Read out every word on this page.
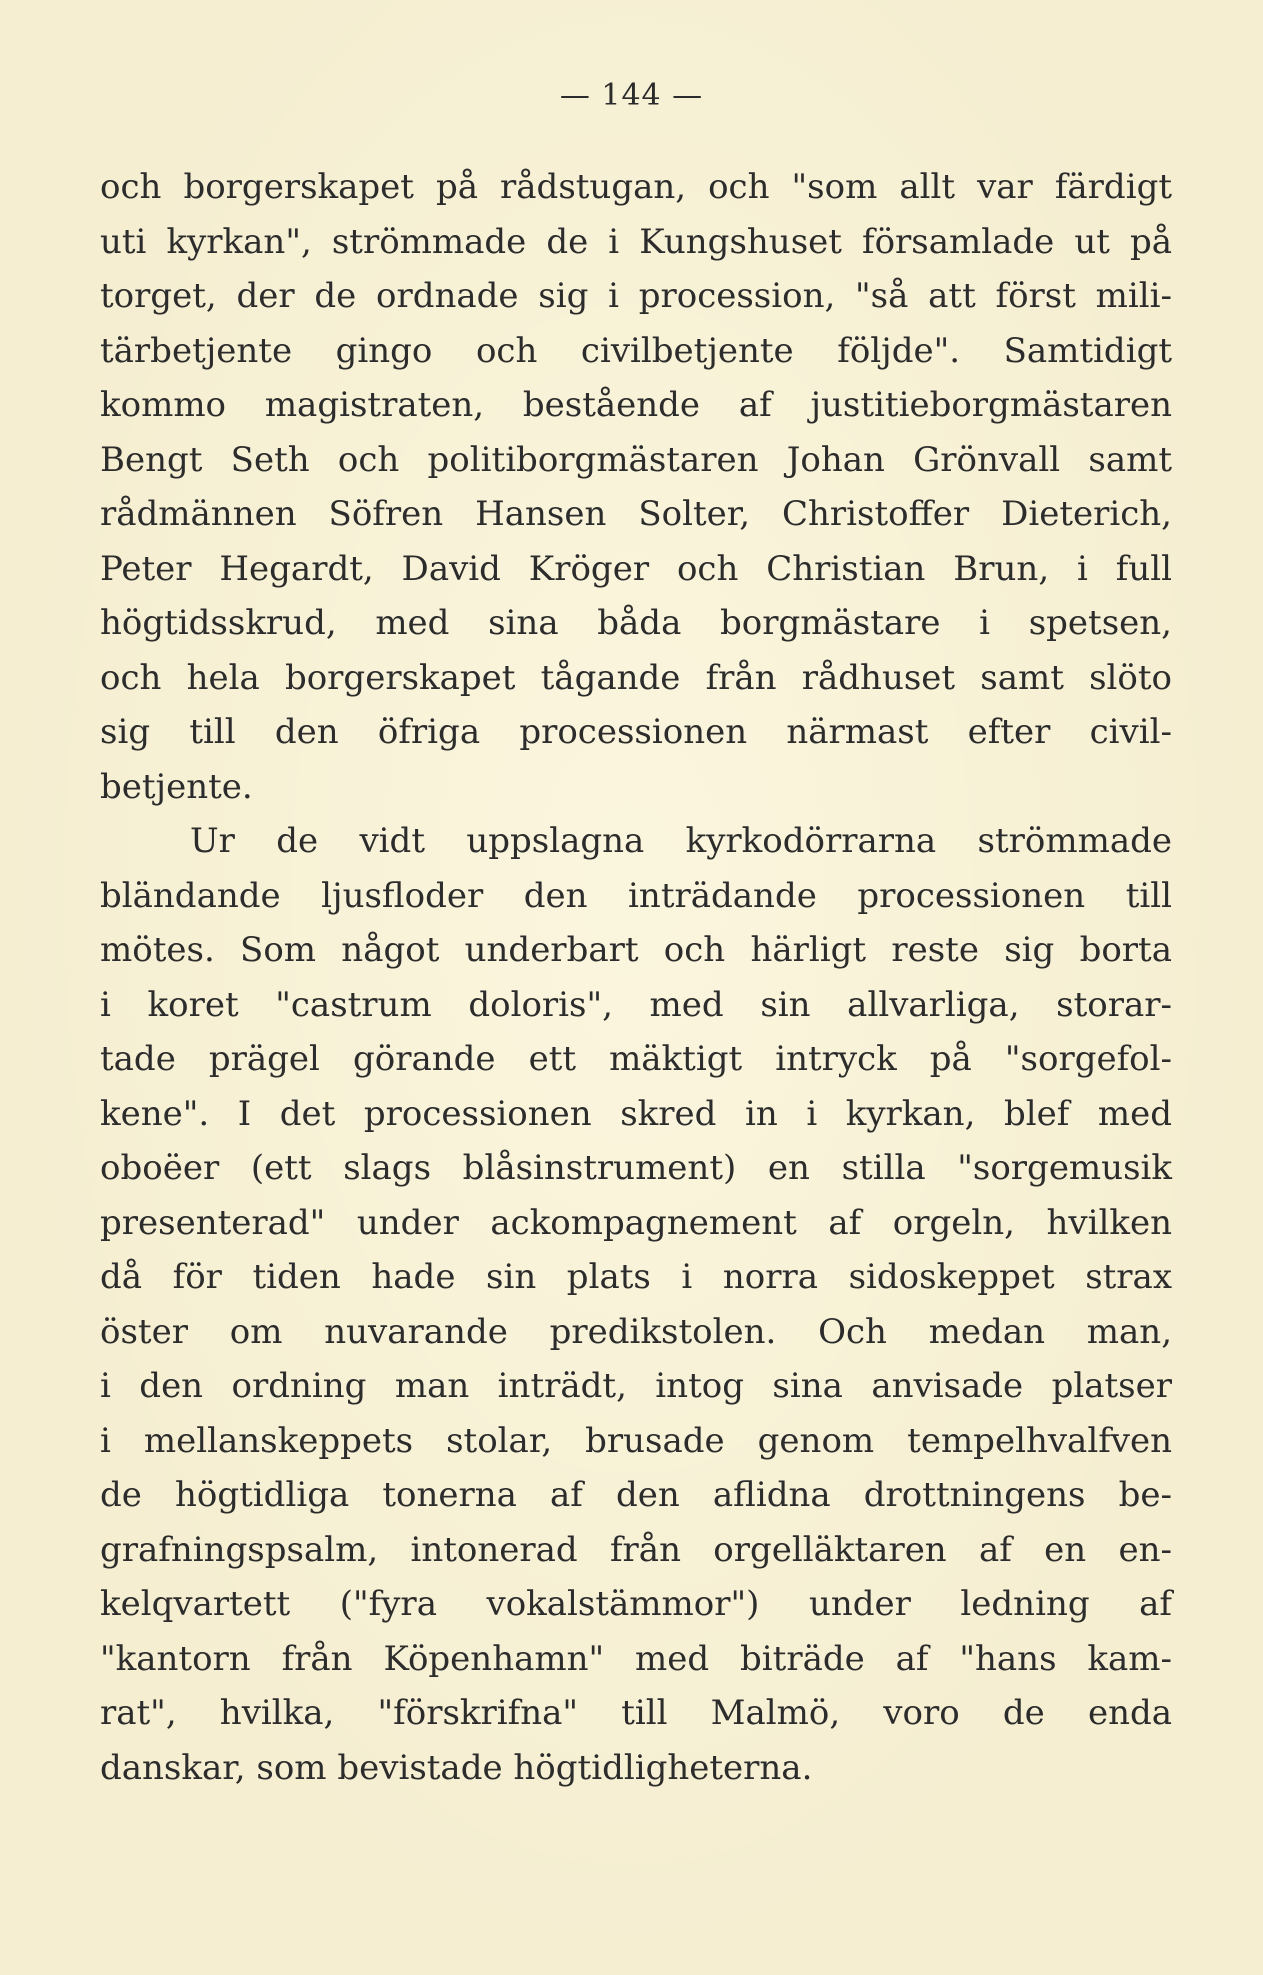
— 144 —
och borgerskapet på rådstugan, och "som allt var färdigt
uti kyrkan", strömmade de i Kungshuset församlade ut på
torget, der de ordnade sig i procession, "så att först mili-
tärbetjente gingo och civilbetjente följde". Samtidigt
kommo magistraten, bestående af justitieborgmästaren
Bengt Seth och politiborgmästaren Johan Grönvall samt
rådmännen Söfren Hansen Solter, Christoffer Dieterich,
Peter Hegardt, David Kröger och Christian Brun, i full
högtidsskrud, med sina båda borgmästare i spetsen,
och hela borgerskapet tågande från rådhuset samt slöto
sig till den öfriga processionen närmast efter civil-
betjente.
Ur de vidt uppslagna kyrkodörrarna strömmade
bländande ljusfloder den inträdande processionen till
mötes. Som något underbart och härligt reste sig borta
i koret "castrum doloris", med sin allvarliga, storar-
tade prägel görande ett mäktigt intryck på "sorgefol-
kene". I det processionen skred in i kyrkan, blef med
oboëer (ett slags blåsinstrument) en stilla "sorgemusik
presenterad" under ackompagnement af orgeln, hvilken
då för tiden hade sin plats i norra sidoskeppet strax
öster om nuvarande predikstolen. Och medan man,
i den ordning man inträdt, intog sina anvisade platser
i mellanskeppets stolar, brusade genom tempelhvalfven
de högtidliga tonerna af den aflidna drottningens be-
grafningspsalm, intonerad från orgelläktaren af en en-
kelqvartett ("fyra vokalstämmor") under ledning af
"kantorn från Köpenhamn" med biträde af "hans kam-
rat", hvilka, "förskrifna" till Malmö, voro de enda
danskar, som bevistade högtidligheterna.
